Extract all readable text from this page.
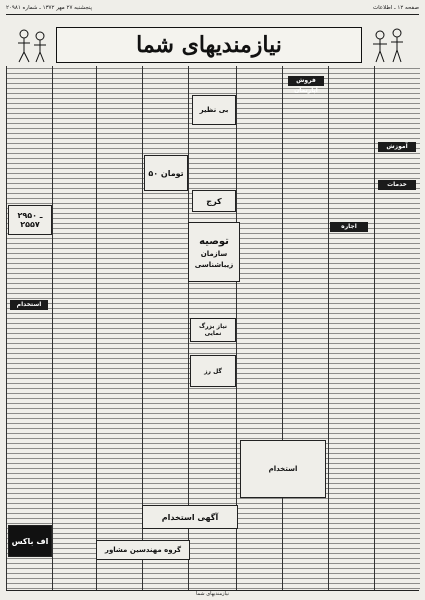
پنجشنبه ۲۷ مهر ۱۳۷۲ ـ شماره ۲۰۹۸۱	صفحه ۱۲ ـ اطلاعات
نیازمندیهای شما
فروش آپارتمان
آموزش
خدمات
اجاره
استخدام
۲۹۵۰ ـ ۲۵۵۷
بی‌ نظیر
۵۰ تومان
کرج
توصیه
سازمان
زیباشناسی
نیاز بزرگ نمایی
گل رز
آگهی استخدام
گروه مهندسین مشاور
استخدام
اف باکس
نیازمندیهای شما
